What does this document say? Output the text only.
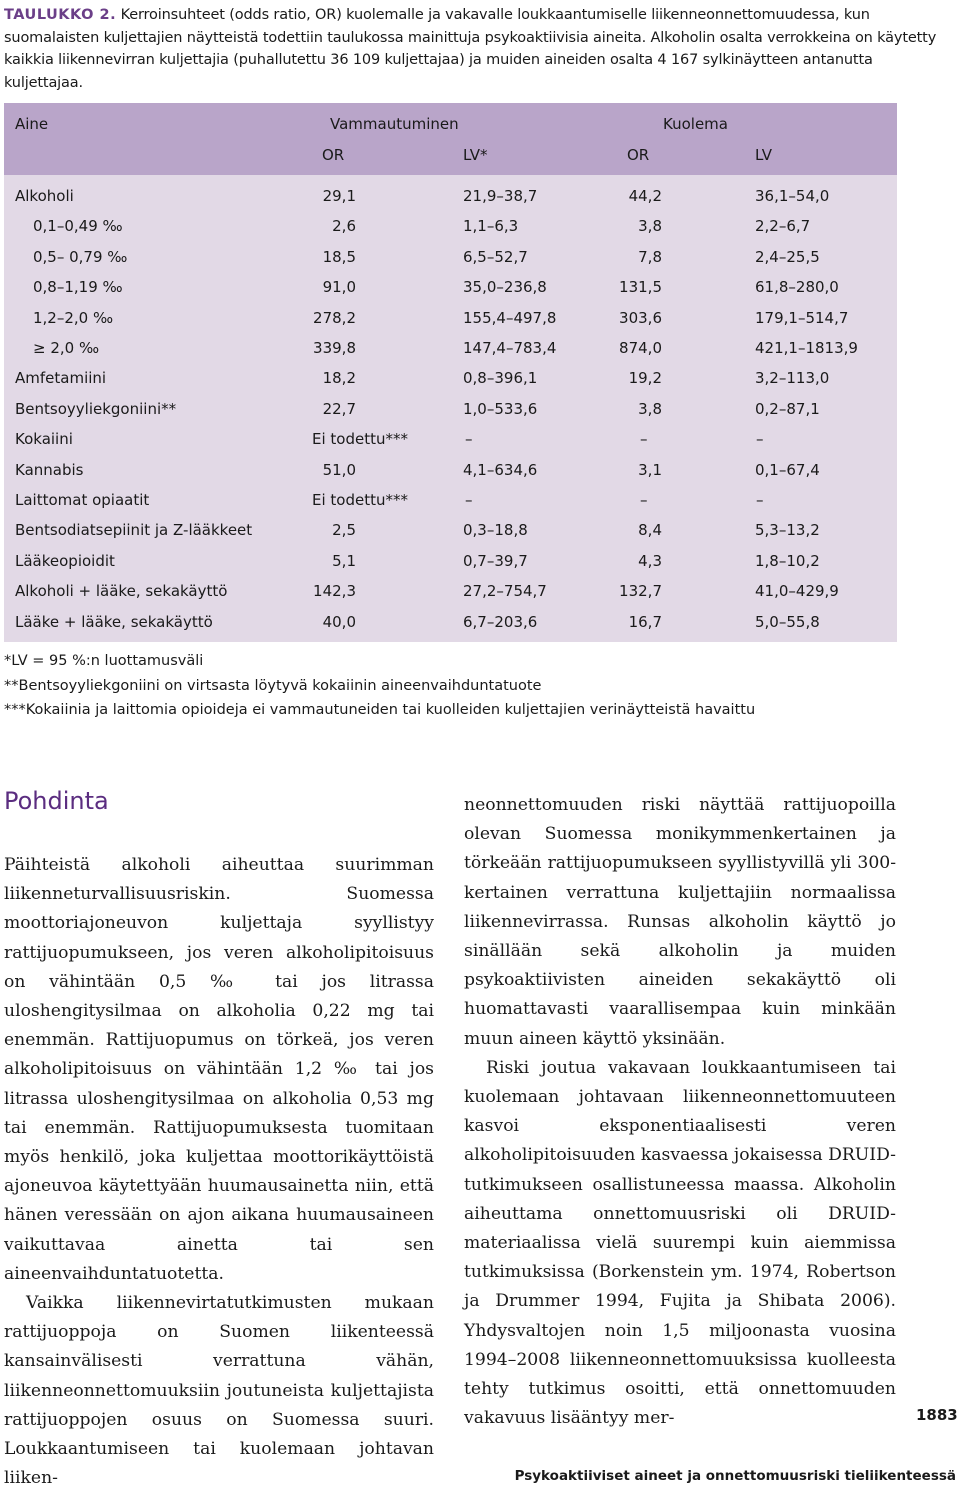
TAULUKKO 2. Kerroinsuhteet (odds ratio, OR) kuolemalle ja vakavalle loukkaantumiselle liikenneonnettomuudessa, kun suomalaisten kuljettajien näytteistä todettiin taulukossa mainittuja psykoaktiivisia aineita. Alkoholin osalta verrokkeina on käytetty kaikkia liikennevirran kuljettajia (puhallutettu 36 109 kuljettajaa) ja muiden aineiden osalta 4 167 sylkinäytteen antanutta kuljettajaa.
Aine	Vammautuminen	Kuolema
OR	LV*	OR	LV
Alkoholi	29,1	21,9–38,7	44,2	36,1–54,0
0,1–0,49 ‰	2,6	1,1–6,3	3,8	2,2–6,7
0,5– 0,79 ‰	18,5	6,5–52,7	7,8	2,4–25,5
0,8–1,19 ‰	91,0	35,0–236,8	131,5	61,8–280,0
1,2–2,0 ‰	278,2	155,4–497,8	303,6	179,1–514,7
≥ 2,0 ‰	339,8	147,4–783,4	874,0	421,1–1813,9
Amfetamiini	18,2	0,8–396,1	19,2	3,2–113,0
Bentsoyyliekgoniini**	22,7	1,0–533,6	3,8	0,2–87,1
Kokaiini	Ei todettu***	–	–	–
Kannabis	51,0	4,1–634,6	3,1	0,1–67,4
Laittomat opiaatit	Ei todettu***	–	–	–
Bentsodiatsepiinit ja Z-lääkkeet	2,5	0,3–18,8	8,4	5,3–13,2
Lääkeopioidit	5,1	0,7–39,7	4,3	1,8–10,2
Alkoholi + lääke, sekakäyttö	142,3	27,2–754,7	132,7	41,0–429,9
Lääke + lääke, sekakäyttö	40,0	6,7–203,6	16,7	5,0–55,8
*LV = 95 %:n luottamusväli
**Bentsoyyliekgoniini on virtsasta löytyvä kokaiinin aineenvaihduntatuote
***Kokaiinia ja laittomia opioideja ei vammautuneiden tai kuolleiden kuljettajien verinäytteistä havaittu
Pohdinta

Päihteistä alkoholi aiheuttaa suurimman liikenneturvallisuusriskin. Suomessa moottoriajoneuvon kuljettaja syyllistyy rattijuopumukseen, jos veren alkoholipitoisuus on vähintään 0,5 ‰ tai jos litrassa uloshengitysilmaa on alkoholia 0,22 mg tai enemmän. Rattijuopumus on törkeä, jos veren alkoholipitoisuus on vähintään 1,2 ‰ tai jos litrassa uloshengitysilmaa on alkoholia 0,53 mg tai enemmän. Rattijuopumuksesta tuomitaan myös henkilö, joka kuljettaa moottorikäyttöistä ajoneuvoa käytettyään huumausainetta niin, että hänen veressään on ajon aikana huumausaineen vaikuttavaa ainetta tai sen aineenvaihduntatuotetta.

Vaikka liikennevirtatutkimusten mukaan rattijuoppoja on Suomen liikenteessä kansainvälisesti verrattuna vähän, liikenneonnettomuuksiin joutuneista kuljettajista rattijuoppojen osuus on Suomessa suuri. Loukkaantumiseen tai kuolemaan johtavan liiken-

neonnettomuuden riski näyttää rattijuopoilla olevan Suomessa monikymmenkertainen ja törkeään rattijuopumukseen syyllistyvillä yli 300-kertainen verrattuna kuljettajiin normaalissa liikennevirrassa. Runsas alkoholin käyttö jo sinällään sekä alkoholin ja muiden psykoaktiivisten aineiden sekakäyttö oli huomattavasti vaarallisempaa kuin minkään muun aineen käyttö yksinään.

Riski joutua vakavaan loukkaantumiseen tai kuolemaan johtavaan liikenneonnettomuuteen kasvoi eksponentiaalisesti veren alkoholipitoisuuden kasvaessa jokaisessa DRUID-tutkimukseen osallistuneessa maassa. Alkoholin aiheuttama onnettomuusriski oli DRUID-materiaalissa vielä suurempi kuin aiemmissa tutkimuksissa (Borkenstein ym. 1974, Robertson ja Drummer 1994, Fujita ja Shibata 2006). Yhdysvaltojen noin 1,5 miljoonasta vuosina 1994–2008 liikenneonnettomuuksissa kuolleesta tehty tutkimus osoitti, että onnettomuuden vakavuus lisääntyy mer-	1883
Psykoaktiiviset aineet ja onnettomuusriski tieliikenteessä
